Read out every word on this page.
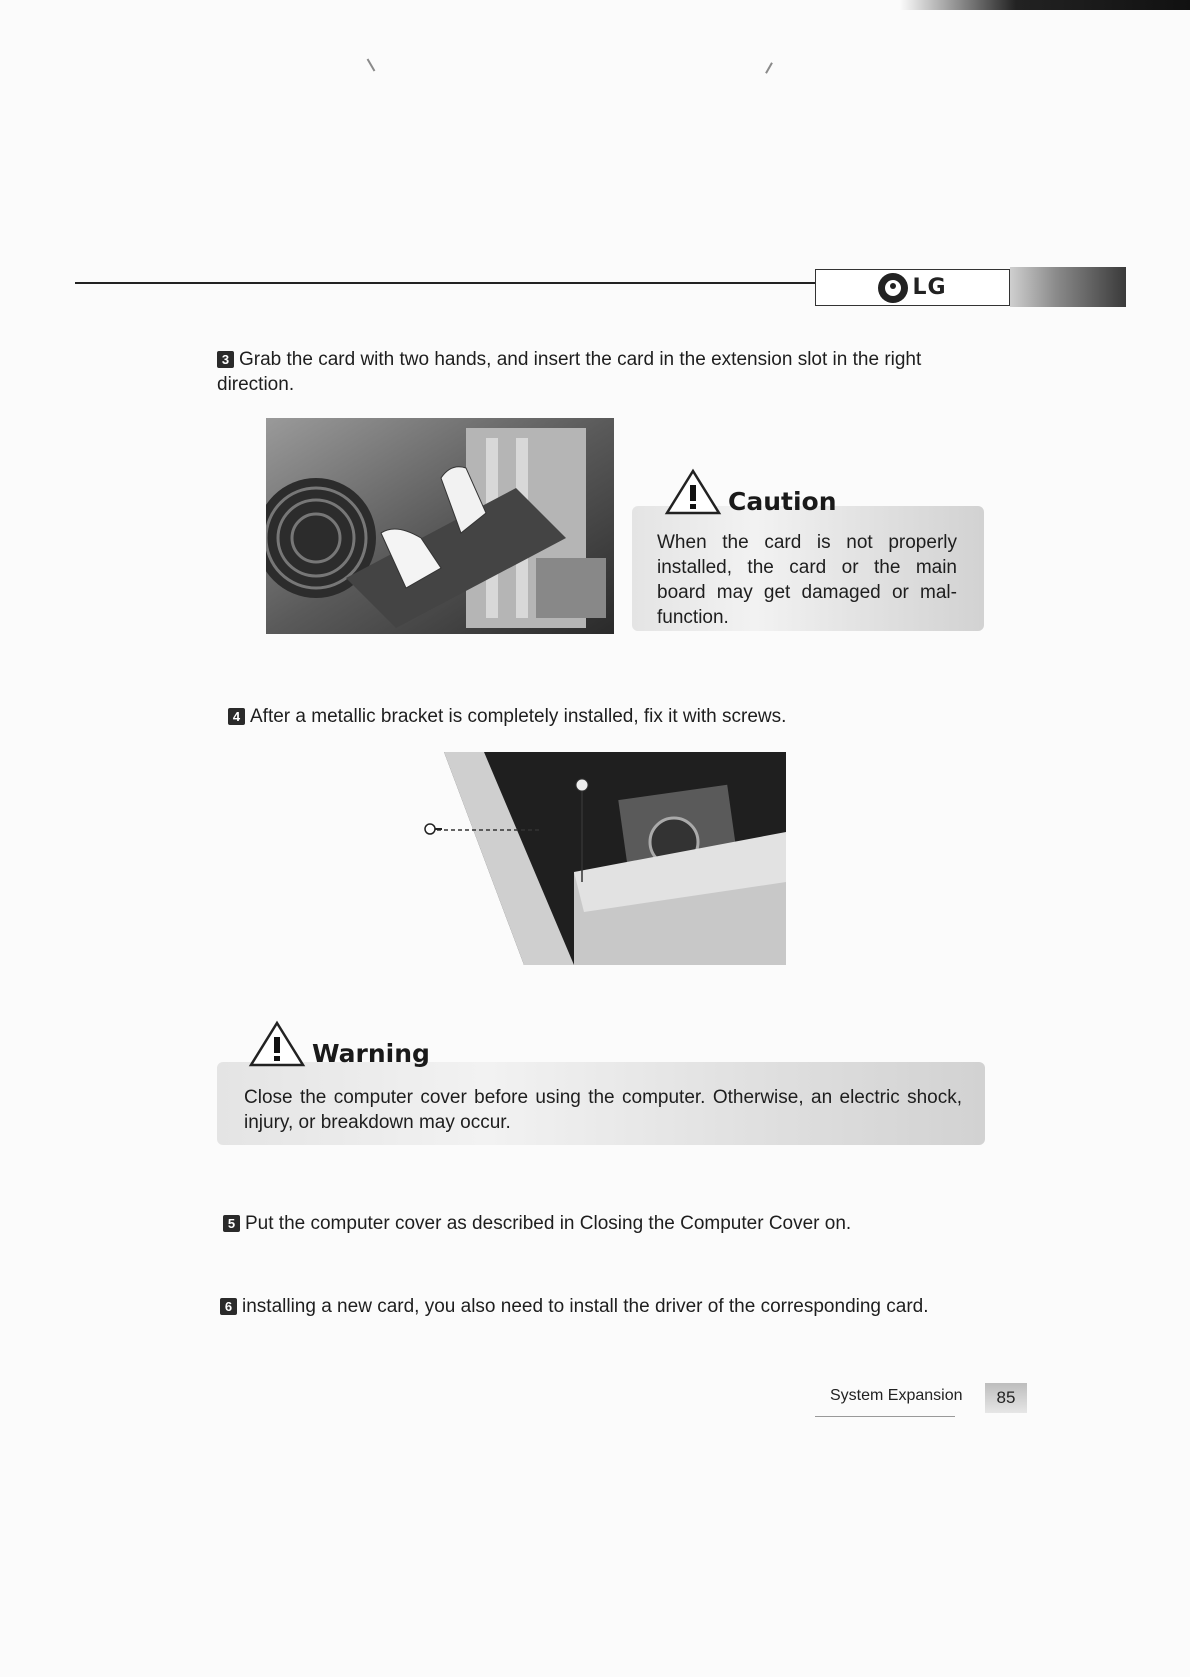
LG
3 Grab the card with two hands, and insert the card in the extension slot in the right direction.
Caution
When the card is not properly installed, the card or the main board may get damaged or mal-function.
4 After a metallic bracket is completely installed, fix it with screws.
Warning
Close the computer cover before using the computer. Otherwise, an electric shock, injury, or breakdown may occur.
5 Put the computer cover as described in Closing the Computer Cover on.
6 installing a new card, you also need to install the driver of the corresponding card.
System Expansion	85
